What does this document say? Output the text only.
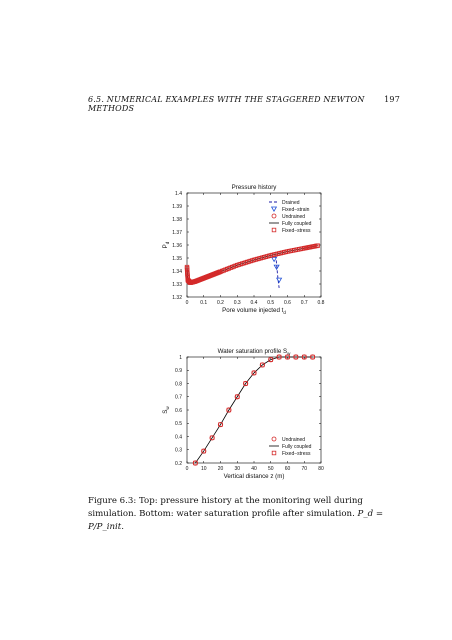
6.5. NUMERICAL EXAMPLES WITH THE STAGGERED NEWTON METHODS
197
0 0.1 0.2 0.3 0.4 0.5 0.6 0.7 0.8
1.32
1.33
1.34
1.35
1.36
1.37
1.38
1.39
1.4
Pressure history
Pore volume injected $t_d$
$P_d$
Drained
Fixed−strain
Undrained
Fully coupled
Fixed−stress
0	10 20 30 40 50 60 70 80
0.2
0.3
0.4
0.5
0.6
0.7
0.8
0.9
1
Water saturation profile $S_w$
Vertical distance z (m)
$S_w$
Undrained
Fully coupled
Fixed−stress
Figure 6.3: Top: pressure history at the monitoring well during simulation. Bottom: water saturation profile after simulation. P_d = P/P_init.
